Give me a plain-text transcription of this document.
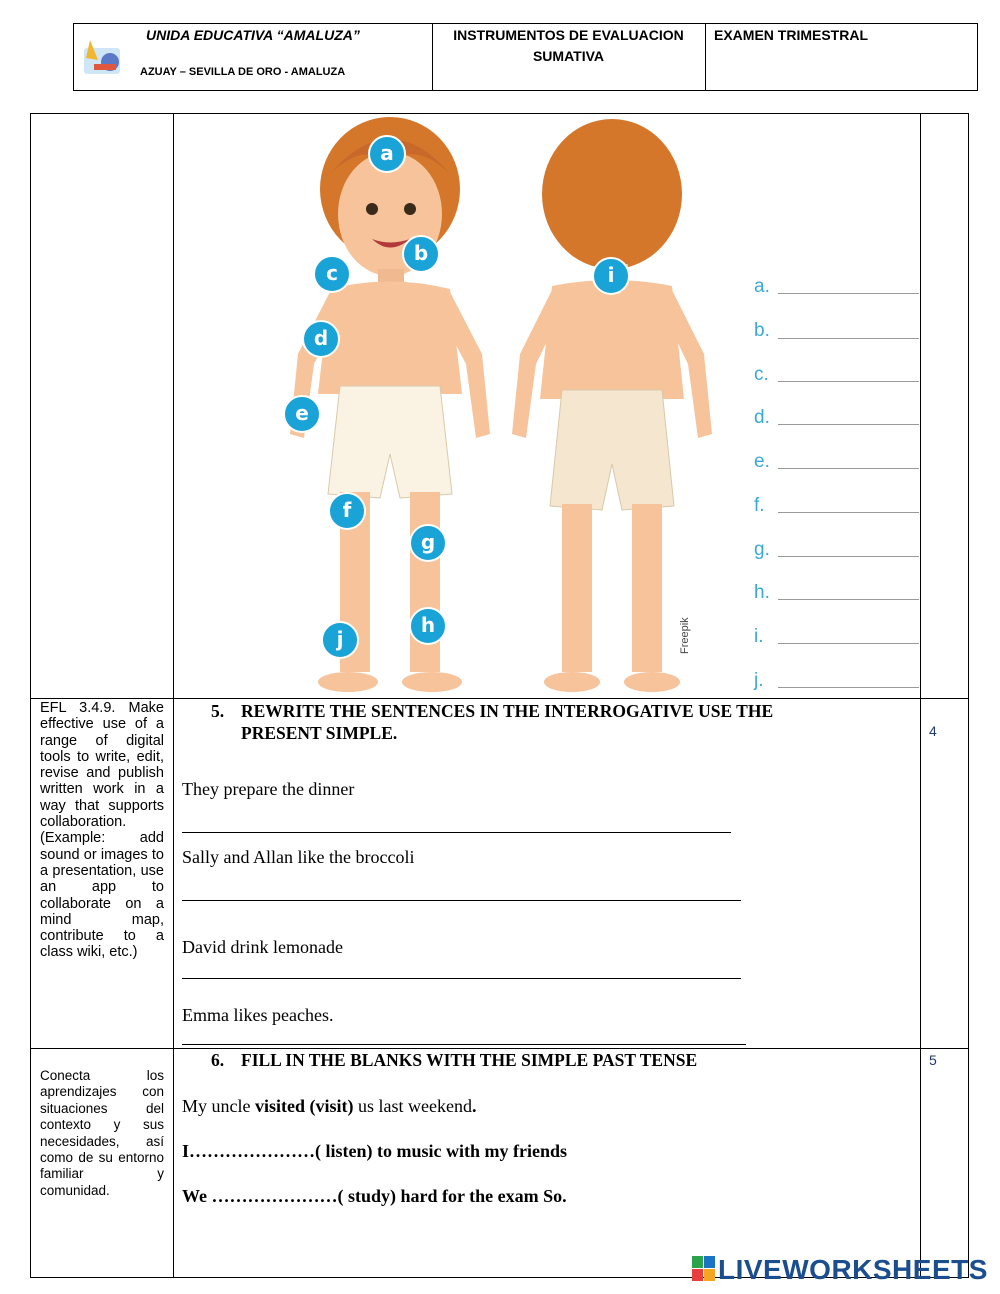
UNIDA EDUCATIVA “AMALUZA”
AZUAY – SEVILLA DE ORO - AMALUZA
INSTRUMENTOS DE EVALUACION
SUMATIVA
EXAMEN TRIMESTRAL
Freepik
a
b
c
d
e
f
g
h
i
j
a.
b.
c.
d.
e.
f.
g.
h.
i.
j.
EFL 3.4.9. Make effective use of a range of digital tools to write, edit, revise and publish written work in a way that supports collaboration. (Example: add sound or images to a presentation, use an app to collaborate on a mind map, contribute to a class wiki, etc.)
5. REWRITE THE SENTENCES IN THE INTERROGATIVE USE THE
PRESENT SIMPLE.	4
They prepare the dinner
Sally and Allan like the broccoli
David drink lemonade
Emma likes peaches.
Conecta los aprendizajes con situaciones del contexto y sus necesidades, así como de su entorno familiar y comunidad.
6. FILL IN THE BLANKS WITH THE SIMPLE PAST TENSE	5
My uncle visited (visit) us last weekend.
I…………………( listen) to music with my friends
We …………………( study) hard for the exam So.
LIVEWORKSHEETS
